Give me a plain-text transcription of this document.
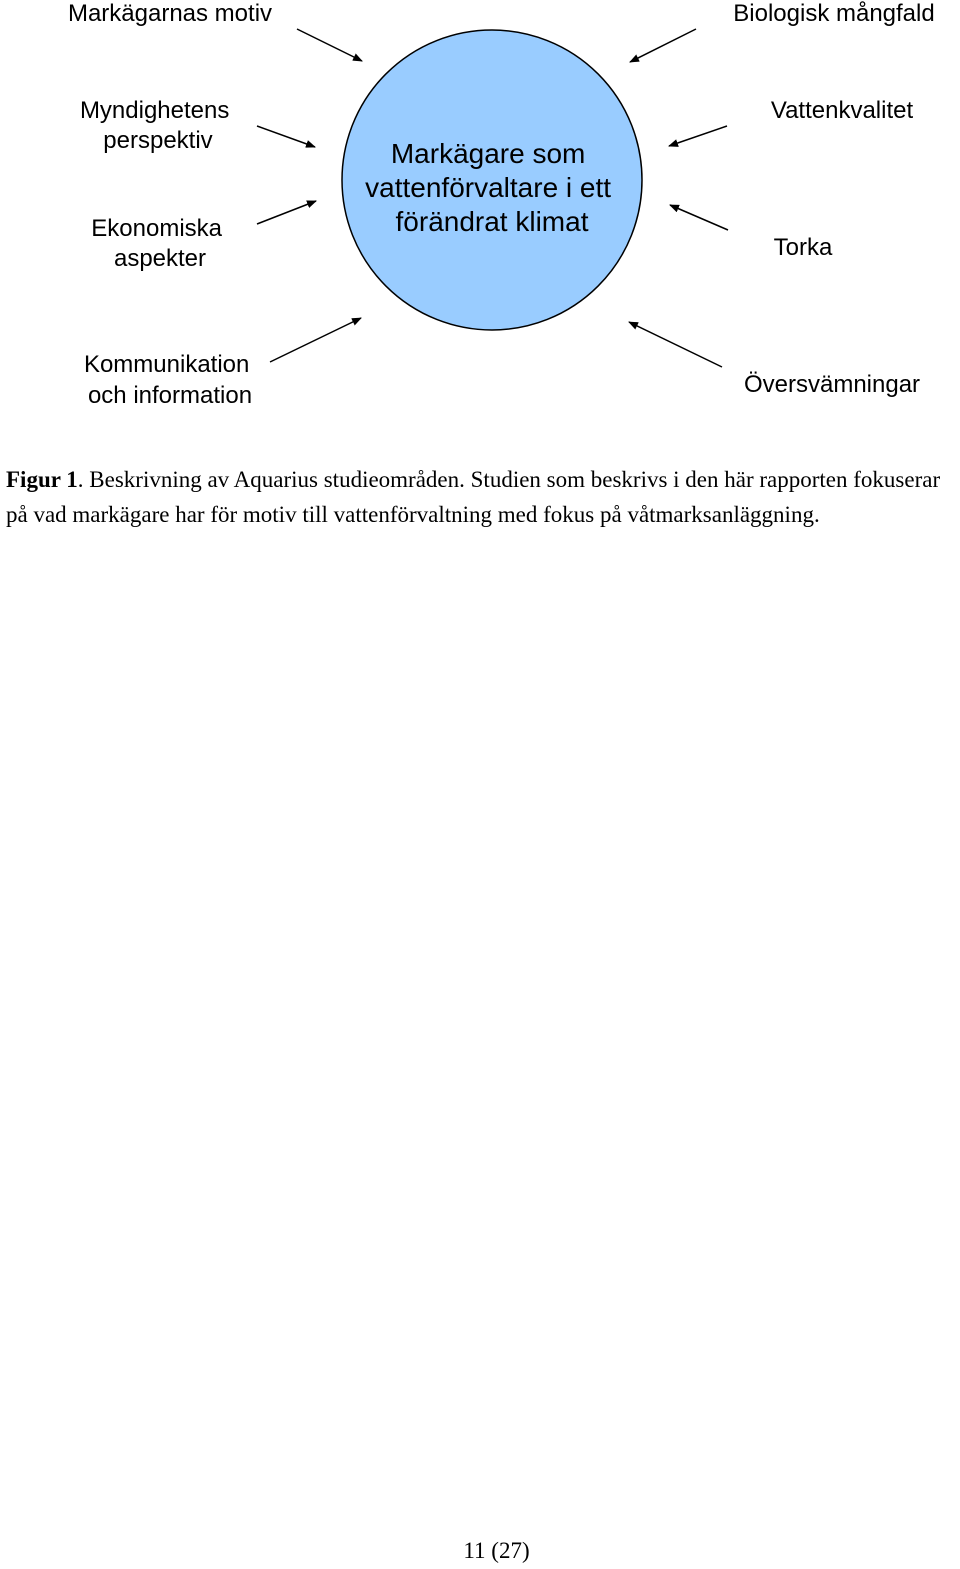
Markägare som vattenförvaltare i ett förändrat klimat
Markägarnas motiv
Myndighetens perspektiv
Ekonomiska aspekter
Kommunikation och information
Biologisk mångfald
Vattenkvalitet
Torka
Översvämningar

Figur 1. Beskrivning av Aquarius studieområden. Studien som beskrivs i den här rapporten fokuserar på vad markägare har för motiv till vattenförvaltning med fokus på våtmarksanläggning.

11 (27)
